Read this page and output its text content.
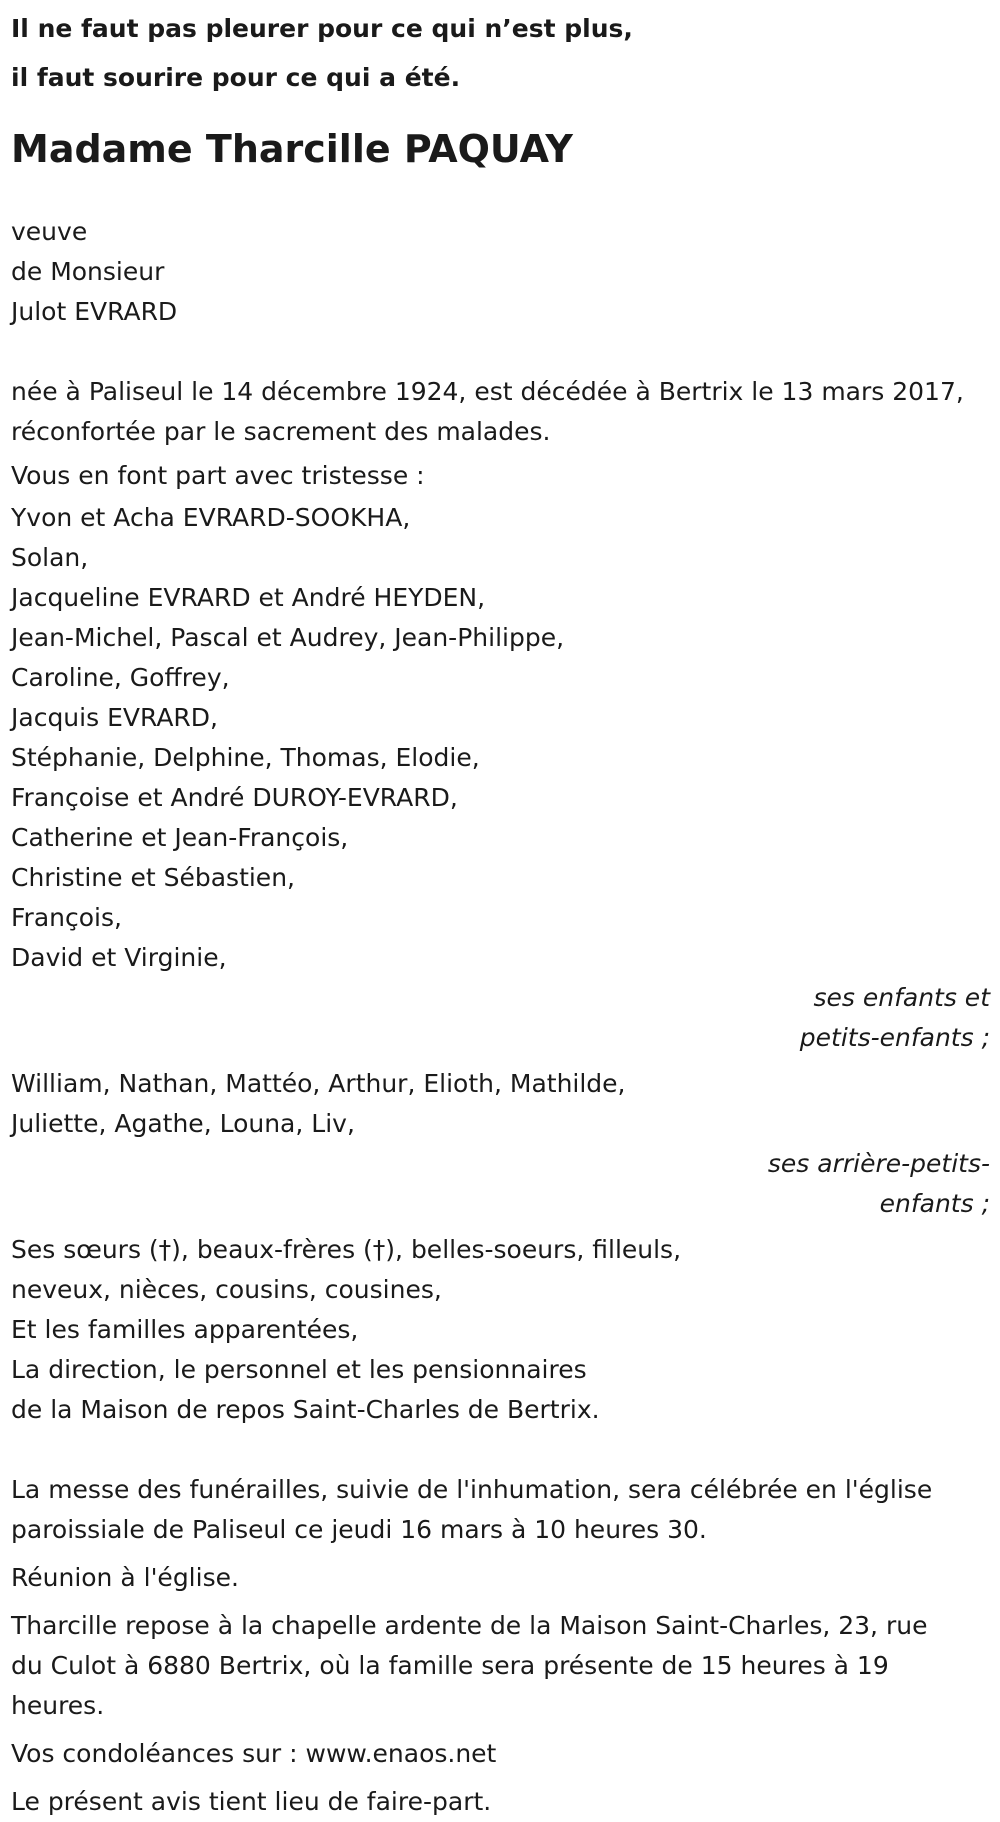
Il ne faut pas pleurer pour ce qui n’est plus,

il faut sourire pour ce qui a été.

Madame Tharcille PAQUAY

veuve

de Monsieur

Julot EVRARD

née à Paliseul le 14 décembre 1924, est décédée à Bertrix le 13 mars 2017,

réconfortée par le sacrement des malades.

Vous en font part avec tristesse :

Yvon et Acha EVRARD-SOOKHA,

Solan,

Jacqueline EVRARD et André HEYDEN,

Jean-Michel, Pascal et Audrey, Jean-Philippe,

Caroline, Goffrey,

Jacquis EVRARD,

Stéphanie, Delphine, Thomas, Elodie,

Françoise et André DUROY-EVRARD,

Catherine et Jean-François,

Christine et Sébastien,

François,

David et Virginie,

ses enfants et

petits-enfants ;

William, Nathan, Mattéo, Arthur, Elioth, Mathilde,

Juliette, Agathe, Louna, Liv,

ses arrière-petits-

enfants ;

Ses sœurs (†), beaux-frères (†), belles-soeurs, filleuls,

neveux, nièces, cousins, cousines,

Et les familles apparentées,

La direction, le personnel et les pensionnaires

de la Maison de repos Saint-Charles de Bertrix.

La messe des funérailles, suivie de l'inhumation, sera célébrée en l'église

paroissiale de Paliseul ce jeudi 16 mars à 10 heures 30.

Réunion à l'église.

Tharcille repose à la chapelle ardente de la Maison Saint-Charles, 23, rue

du Culot à 6880 Bertrix, où la famille sera présente de 15 heures à 19

heures.

Vos condoléances sur : www.enaos.net

Le présent avis tient lieu de faire-part.
